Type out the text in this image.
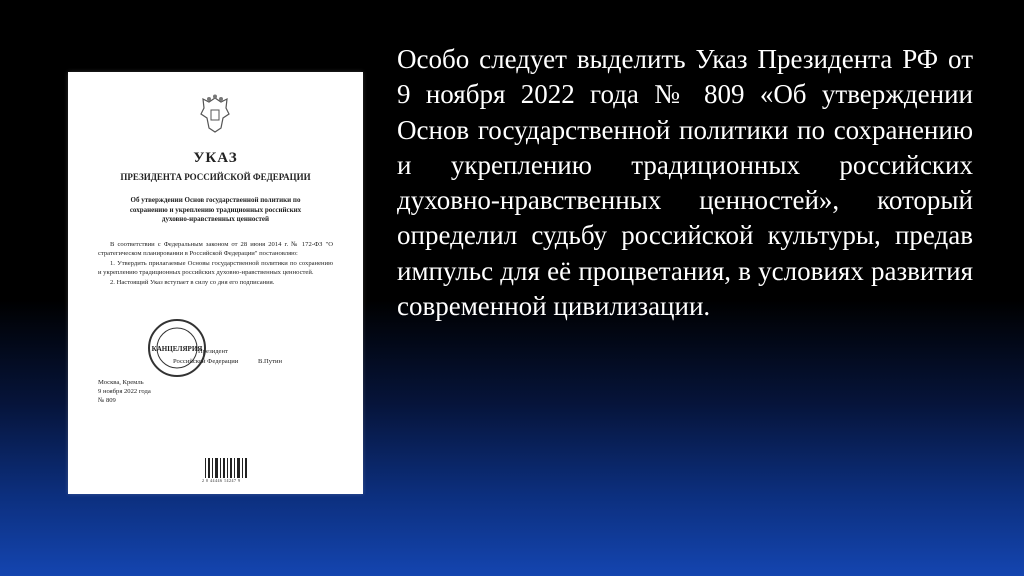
УКАЗ
ПРЕЗИДЕНТА РОССИЙСКОЙ ФЕДЕРАЦИИ
Об утверждении Основ государственной политики по сохранению и укреплению традиционных российских духовно-нравственных ценностей

В соответствии с Федеральным законом от 28 июня 2014 г. № 172-ФЗ "О стратегическом планировании в Российской Федерации" постановляю:

1. Утвердить прилагаемые Основы государственной политики по сохранению и укреплению традиционных российских духовно-нравственных ценностей.

2. Настоящий Указ вступает в силу со дня его подписания.

КАНЦЕЛЯРИЯ
Президент
Российской Федерации	В.Путин
Москва, Кремль
9 ноября 2022 года
№ 809
2 0 44446 14247 9
Особо следует выделить Указ Президента РФ от 9 ноября 2022 года № 809 «Об утверждении Основ государственной политики по сохранению и укреплению традиционных российских духовно-нравственных ценностей», который определил судьбу российской культуры, предав импульс для её процветания, в условиях развития современной цивилизации.
